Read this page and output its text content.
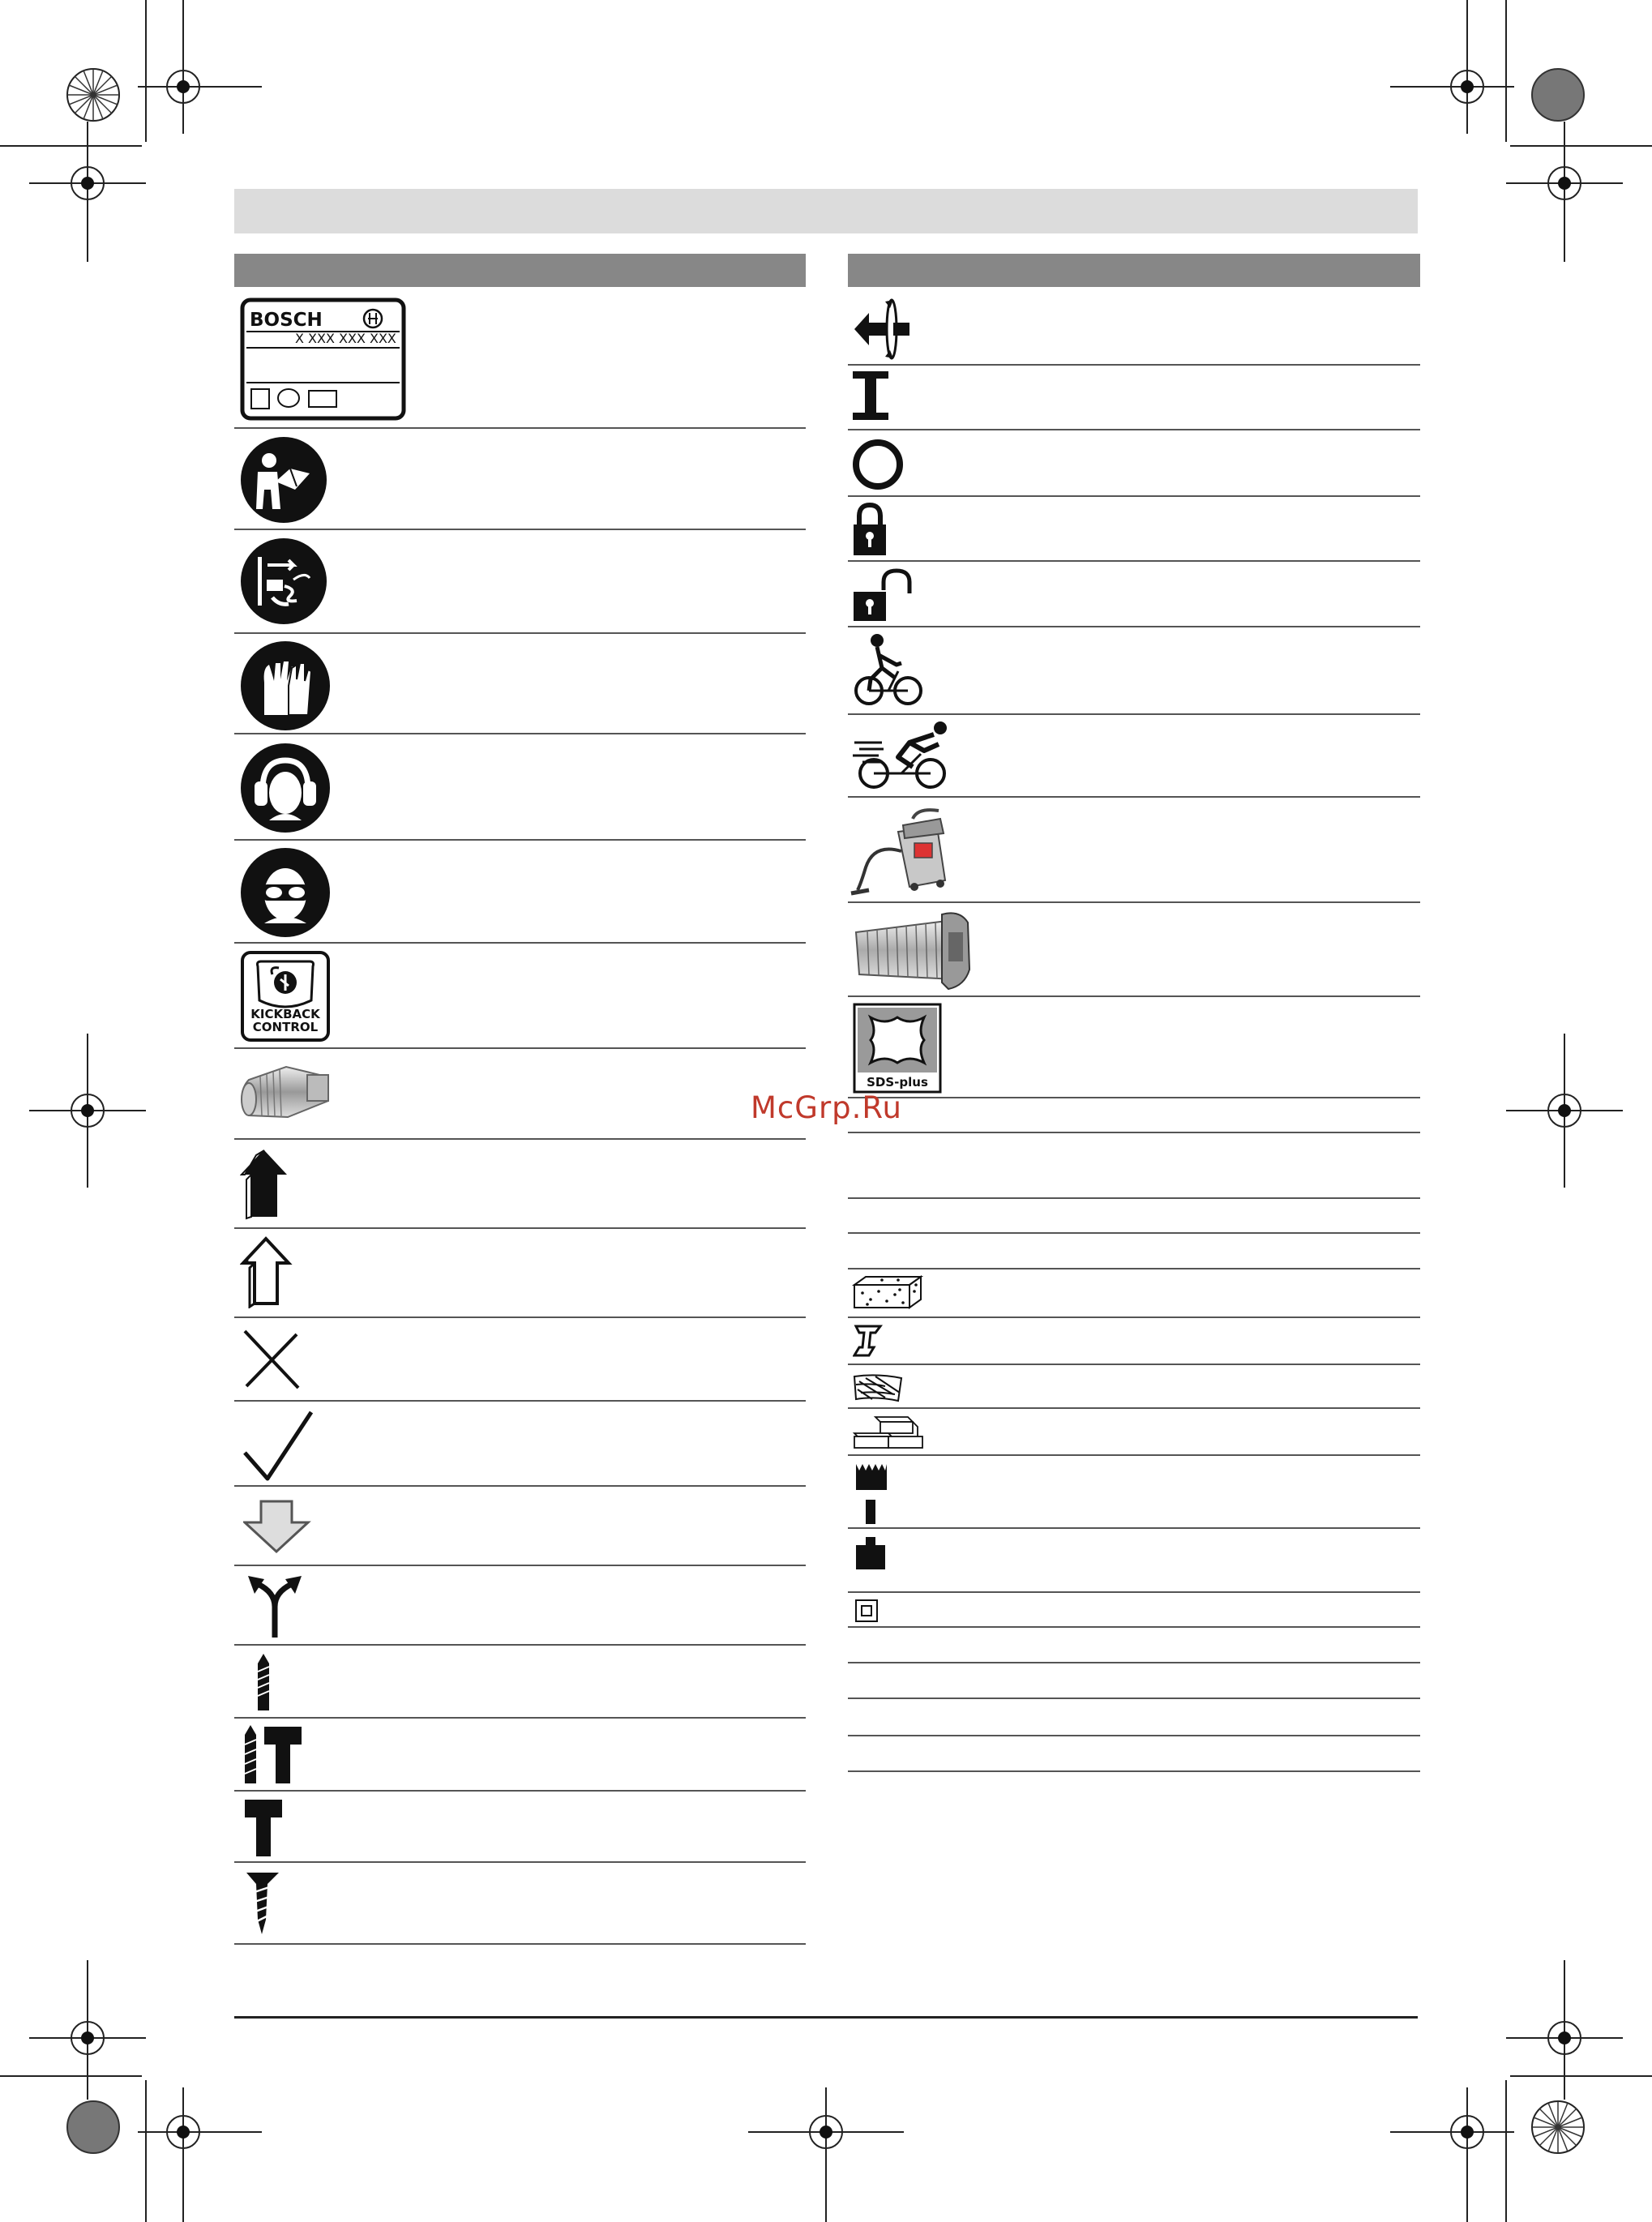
BOSCH
X XXX XXX XXX
KICKBACK
CONTROL
SDS-plus
McGrp.Ru
